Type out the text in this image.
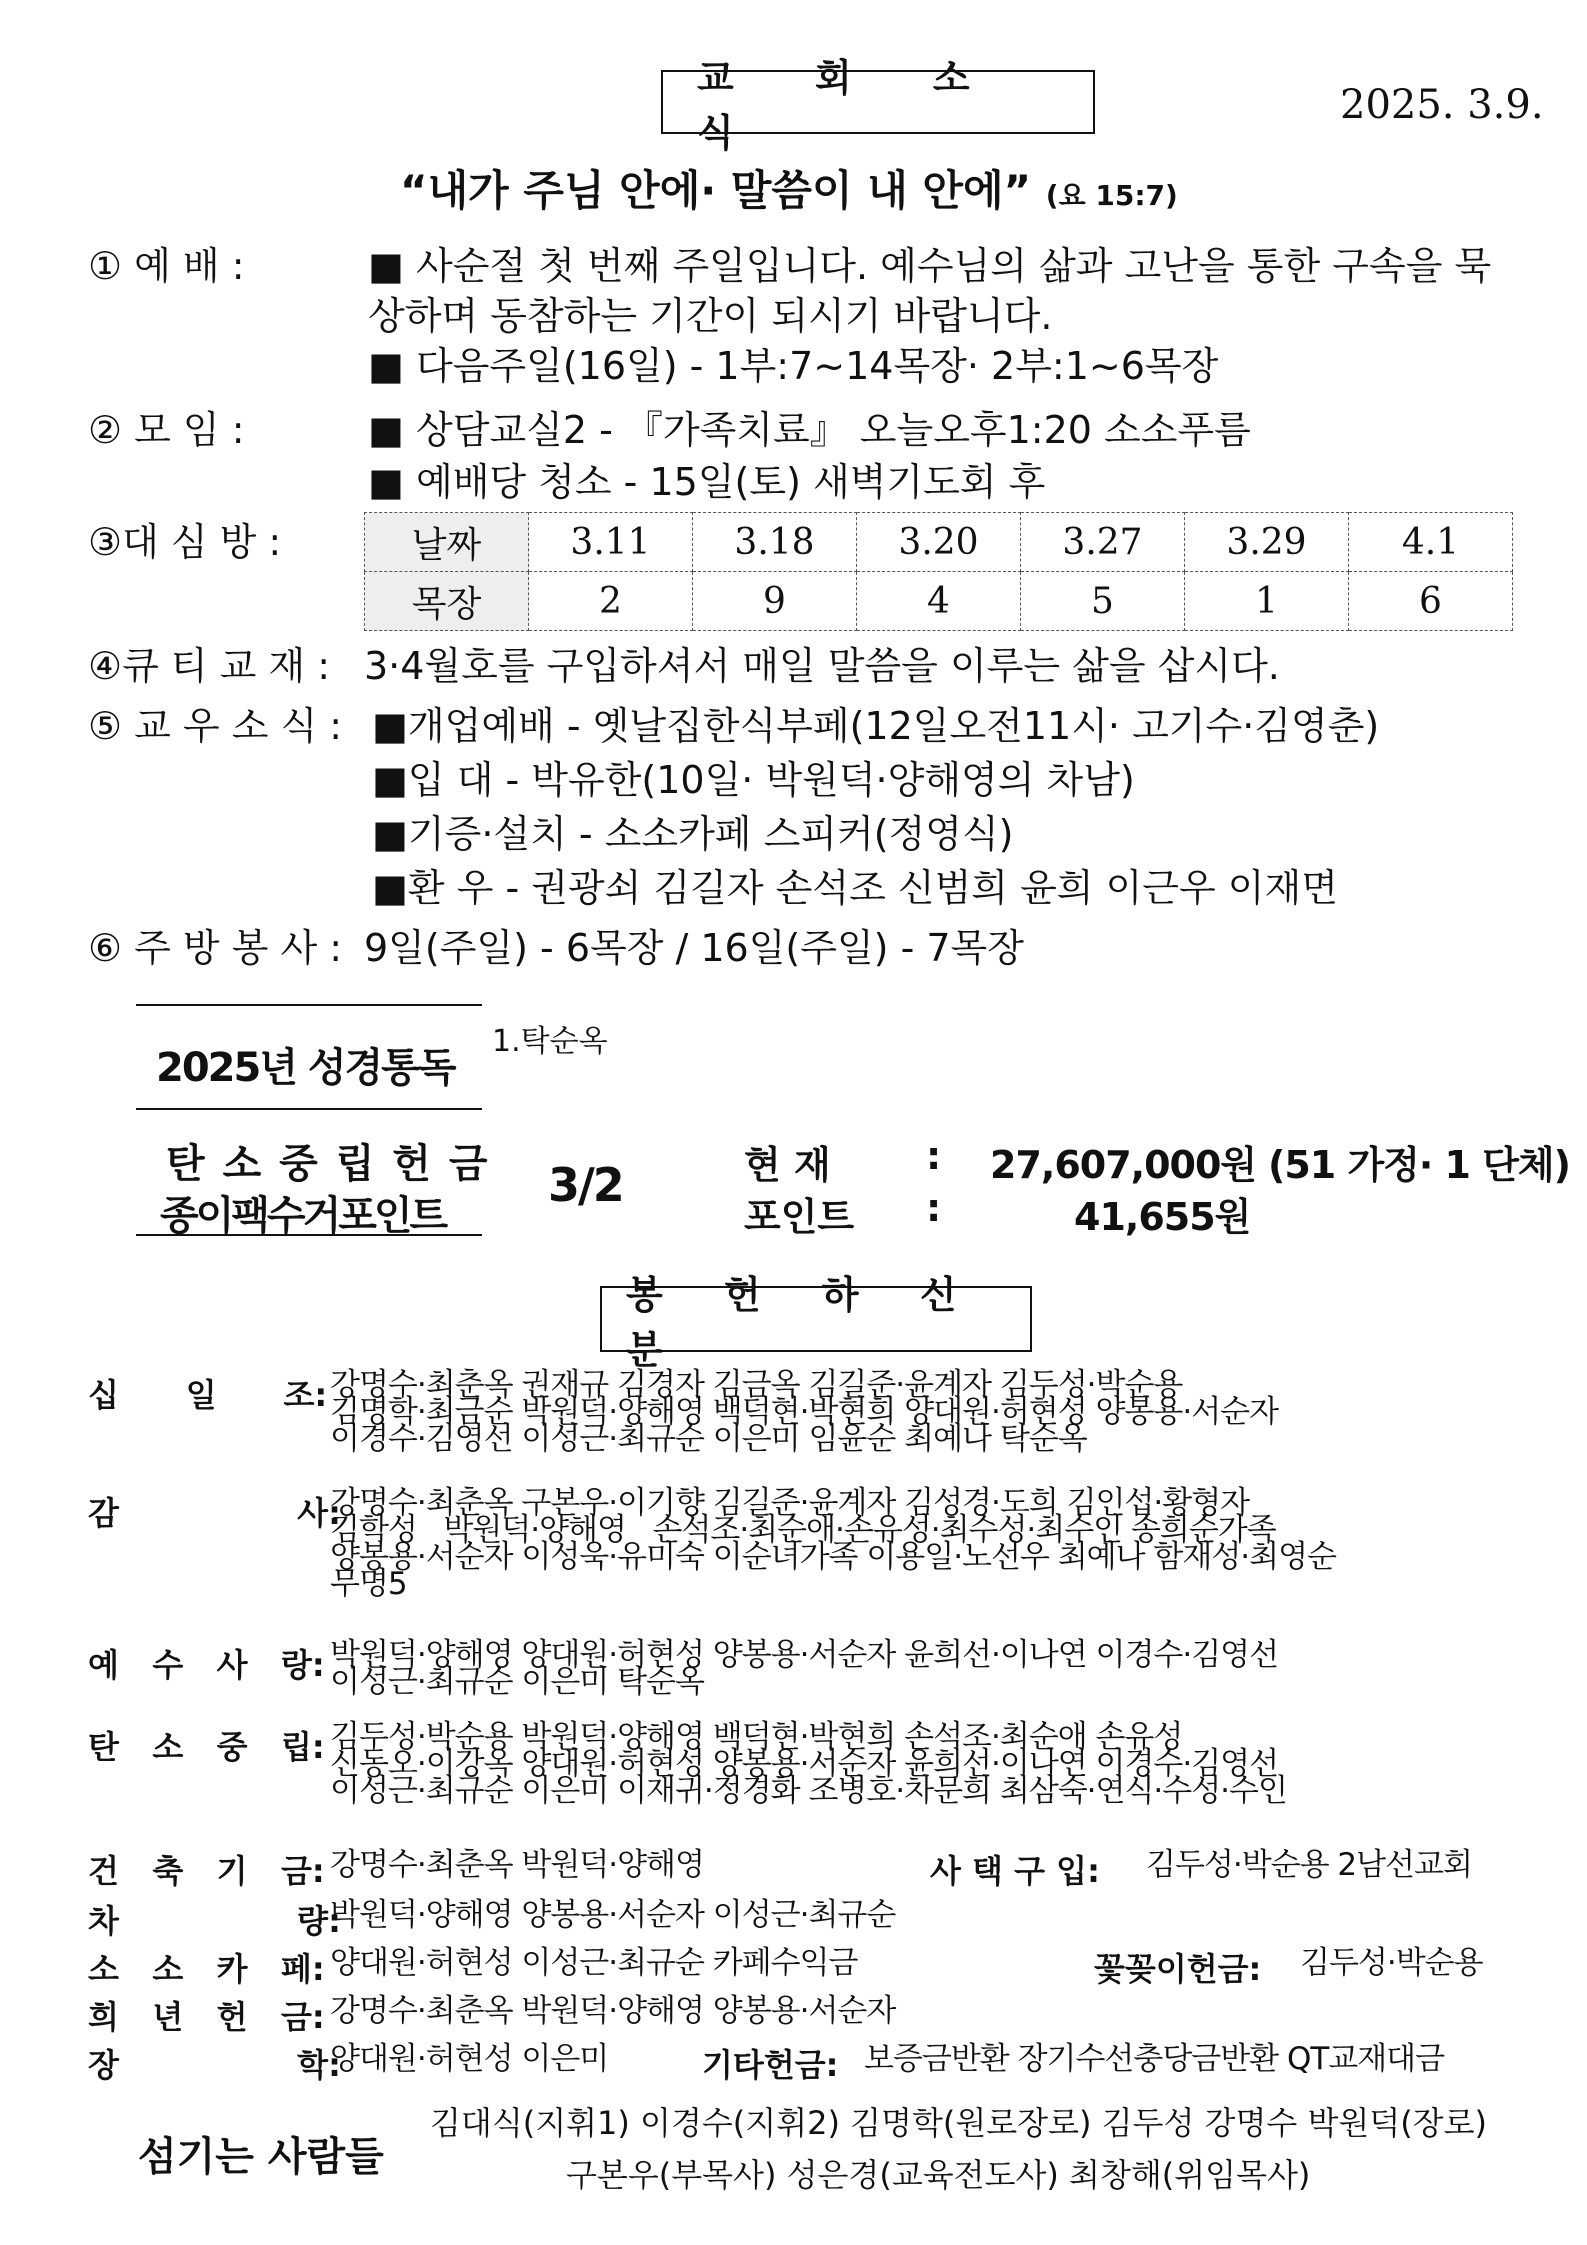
교 회 소 식
2025. 3.9.
“내가 주님 안에· 말씀이 내 안에” (요 15:7)
① 예 배 :	■ 사순절 첫 번째 주일입니다. 예수님의 삶과 고난을 통한 구속을 묵
상하며 동참하는 기간이 되시기 바랍니다.
■ 다음주일(16일) - 1부:7~14목장· 2부:1~6목장
② 모 임 :	■ 상담교실2 - 『가족치료』 오늘오후1:20 소소푸름
■ 예배당 청소 - 15일(토) 새벽기도회 후
③대 심 방 :	날짜	3.11	3.18	3.20	3.27	3.29	4.1
목장	2	9	4	5	1	6
④큐 티 교 재 : 3·4월호를 구입하셔서 매일 말씀을 이루는 삶을 삽시다.
⑤ 교 우 소 식 : ■개업예배 - 옛날집한식부페(12일오전11시· 고기수·김영춘)
■입 대 - 박유한(10일· 박원덕·양해영의 차남)
■기증·설치 - 소소카페 스피커(정영식)
■환 우 - 권광쇠 김길자 손석조 신범희 윤희 이근우 이재면
⑥ 주 방 봉 사 : 9일(주일) - 6목장 / 16일(주일) - 7목장
2025년 성경통독
1.탁순옥
탄 소 중 립 헌 금
종이팩수거포인트
3/2	현 재	: 27,607,000원 (51 가정· 1 단체)
포인트 :	41,655원
봉 헌 하 신 분
십      일      조: 강명수·최춘옥 권재규 김경자 김금옥 김길준·윤계자 김두성·박순용
김명학·최금순 박원덕·양해영 백덕현·박현희 양대원·허현성 양봉용·서순자
이경수·김영선 이성근·최규순 이은미 임윤순 최예나 탁순옥
감                사:
강명수·최춘옥 구본우·이기향 김길준·윤계자 김성경·도희 김인섭·황형자
김학성   박원덕·양해영   손석조·최순애·손유성·최수성·최수인 송희순가족
양봉용·서순자 이성욱·유미숙 이순녀가족 이용일·노선우 최예나 함재성·최영순
무명5
예   수   사   랑: 박원덕·양해영 양대원·허현성 양봉용·서순자 윤희선·이나연 이경수·김영선
이성근·최규순 이은미 탁순옥
탄   소   중   립: 김두성·박순용 박원덕·양해영 백덕현·박현희 손석조·최순애 손유성
신동오·이강옥 양대원·허현성 양봉용·서순자 윤희선·이나연 이경수·김영선
이성근·최규순 이은미 이재귀·정경화 조병호·차문희 최삼숙·연식·수성·수인
건   축   기   금: 강명수·최춘옥 박원덕·양해영	사 택 구 입: 김두성·박순용 2남선교회
차                량:
박원덕·양해영 양봉용·서순자 이성근·최규순
소   소   카   페: 양대원·허현성 이성근·최규순 카페수익금	꽃꽂이헌금: 김두성·박순용
희   년   헌   금: 강명수·최춘옥 박원덕·양해영 양봉용·서순자
장                학:
양대원·허현성 이은미	기타헌금: 보증금반환 장기수선충당금반환 QT교재대금
섬기는 사람들
김대식(지휘1) 이경수(지휘2) 김명학(원로장로) 김두성 강명수 박원덕(장로)
구본우(부목사) 성은경(교육전도사) 최창해(위임목사)
